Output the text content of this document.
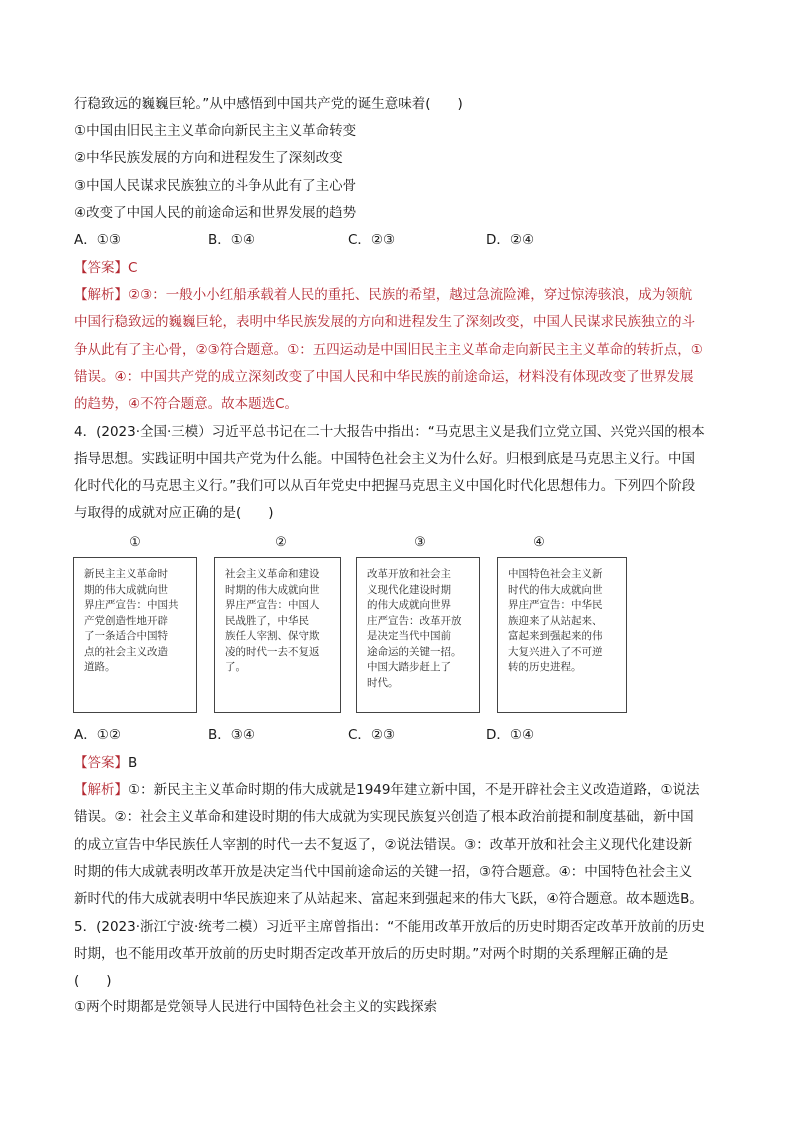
行稳致远的巍巍巨轮。”从中感悟到中国共产党的诞生意味着(　　)
①中国由旧民主主义革命向新民主主义革命转变
②中华民族发展的方向和进程发生了深刻改变
③中国人民谋求民族独立的斗争从此有了主心骨
④改变了中国人民的前途命运和世界发展的趋势
A．①③	B．①④	C．②③	D．②④
【答案】C
【解析】②③：一般小小红船承载着人民的重托、民族的希望，越过急流险滩，穿过惊涛骇浪，成为领航
中国行稳致远的巍巍巨轮，表明中华民族发展的方向和进程发生了深刻改变，中国人民谋求民族独立的斗
争从此有了主心骨，②③符合题意。①：五四运动是中国旧民主主义革命走向新民主主义革命的转折点，①
错误。④：中国共产党的成立深刻改变了中国人民和中华民族的前途命运，材料没有体现改变了世界发展
的趋势，④不符合题意。故本题选C。
4．(2023·全国·三模）习近平总书记在二十大报告中指出：“马克思主义是我们立党立国、兴党兴国的根本
指导思想。实践证明中国共产党为什么能。中国特色社会主义为什么好。归根到底是马克思主义行。中国
化时代化的马克思主义行。”我们可以从百年党史中把握马克思主义中国化时代化思想伟力。下列四个阶段
与取得的成就对应正确的是(　　)
①	②	③	④
新民主主义革命时
期的伟大成就向世
界庄严宣告：中国共
产党创造性地开辟
了一条适合中国特
点的社会主义改造
道路。
社会主义革命和建设
时期的伟大成就向世
界庄严宣告：中国人
民战胜了，中华民
族任人宰割、保守欺
凌的时代一去不复返
了。
改革开放和社会主
义现代化建设时期
的伟大成就向世界
庄严宣告：改革开放
是决定当代中国前
途命运的关键一招。
中国大踏步赶上了
时代。
中国特色社会主义新
时代的伟大成就向世
界庄严宣告：中华民
族迎来了从站起来、
富起来到强起来的伟
大复兴进入了不可逆
转的历史进程。
A．①②	B．③④	C．②③	D．①④
【答案】B
【解析】①：新民主主义革命时期的伟大成就是1949年建立新中国，不是开辟社会主义改造道路，①说法
错误。②：社会主义革命和建设时期的伟大成就为实现民族复兴创造了根本政治前提和制度基础，新中国
的成立宣告中华民族任人宰割的时代一去不复返了，②说法错误。③：改革开放和社会主义现代化建设新
时期的伟大成就表明改革开放是决定当代中国前途命运的关键一招，③符合题意。④：中国特色社会主义
新时代的伟大成就表明中华民族迎来了从站起来、富起来到强起来的伟大飞跃，④符合题意。故本题选B。
5．(2023·浙江宁波·统考二模）习近平主席曾指出：“不能用改革开放后的历史时期否定改革开放前的历史
时期，也不能用改革开放前的历史时期否定改革开放后的历史时期。”对两个时期的关系理解正确的是
(　　)
①两个时期都是党领导人民进行中国特色社会主义的实践探索
